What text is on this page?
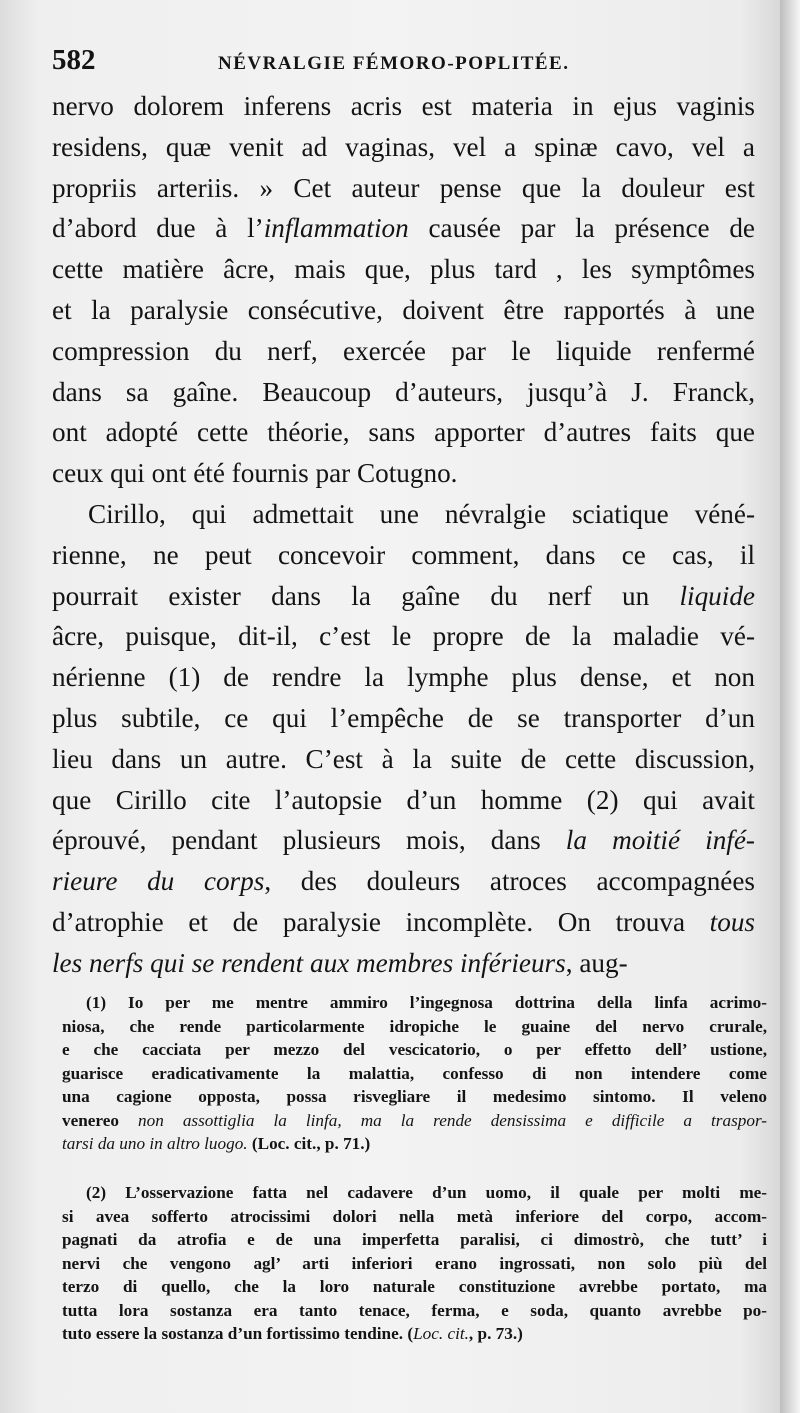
582	NÉVRALGIE FÉMORO-POPLITÉE.
nervo dolorem inferens acris est materia in ejus vaginis
residens, quæ venit ad vaginas, vel a spinæ cavo, vel a
propriis arteriis. » Cet auteur pense que la douleur est
d’abord due à l’inflammation causée par la présence de
cette matière âcre, mais que, plus tard , les symptômes
et la paralysie consécutive, doivent être rapportés à une
compression du nerf, exercée par le liquide renfermé
dans sa gaîne. Beaucoup d’auteurs, jusqu’à J. Franck,
ont adopté cette théorie, sans apporter d’autres faits que
ceux qui ont été fournis par Cotugno.
Cirillo, qui admettait une névralgie sciatique véné-
rienne, ne peut concevoir comment, dans ce cas, il
pourrait exister dans la gaîne du nerf un liquide
âcre, puisque, dit-il, c’est le propre de la maladie vé-
nérienne (1) de rendre la lymphe plus dense, et non
plus subtile, ce qui l’empêche de se transporter d’un
lieu dans un autre. C’est à la suite de cette discussion,
que Cirillo cite l’autopsie d’un homme (2) qui avait
éprouvé, pendant plusieurs mois, dans la moitié infé-
rieure du corps, des douleurs atroces accompagnées
d’atrophie et de paralysie incomplète. On trouva tous
les nerfs qui se rendent aux membres inférieurs, aug-
(1) Io per me mentre ammiro l’ingegnosa dottrina della linfa acrimo-
niosa, che rende particolarmente idropiche le guaine del nervo crurale,
e che cacciata per mezzo del vescicatorio, o per effetto dell’ ustione,
guarisce eradicativamente la malattia, confesso di non intendere come
una cagione opposta, possa risvegliare il medesimo sintomo. Il veleno
venereo non assottiglia la linfa, ma la rende densissima e difficile a traspor-
tarsi da uno in altro luogo. (Loc. cit., p. 71.)
(2) L’osservazione fatta nel cadavere d’un uomo, il quale per molti me-
si avea sofferto atrocissimi dolori nella metà inferiore del corpo, accom-
pagnati da atrofia e de una imperfetta paralisi, ci dimostrò, che tutt’ i
nervi che vengono agl’ arti inferiori erano ingrossati, non solo più del
terzo di quello, che la loro naturale constituzione avrebbe portato, ma
tutta lora sostanza era tanto tenace, ferma, e soda, quanto avrebbe po-
tuto essere la sostanza d’un fortissimo tendine. (Loc. cit., p. 73.)
